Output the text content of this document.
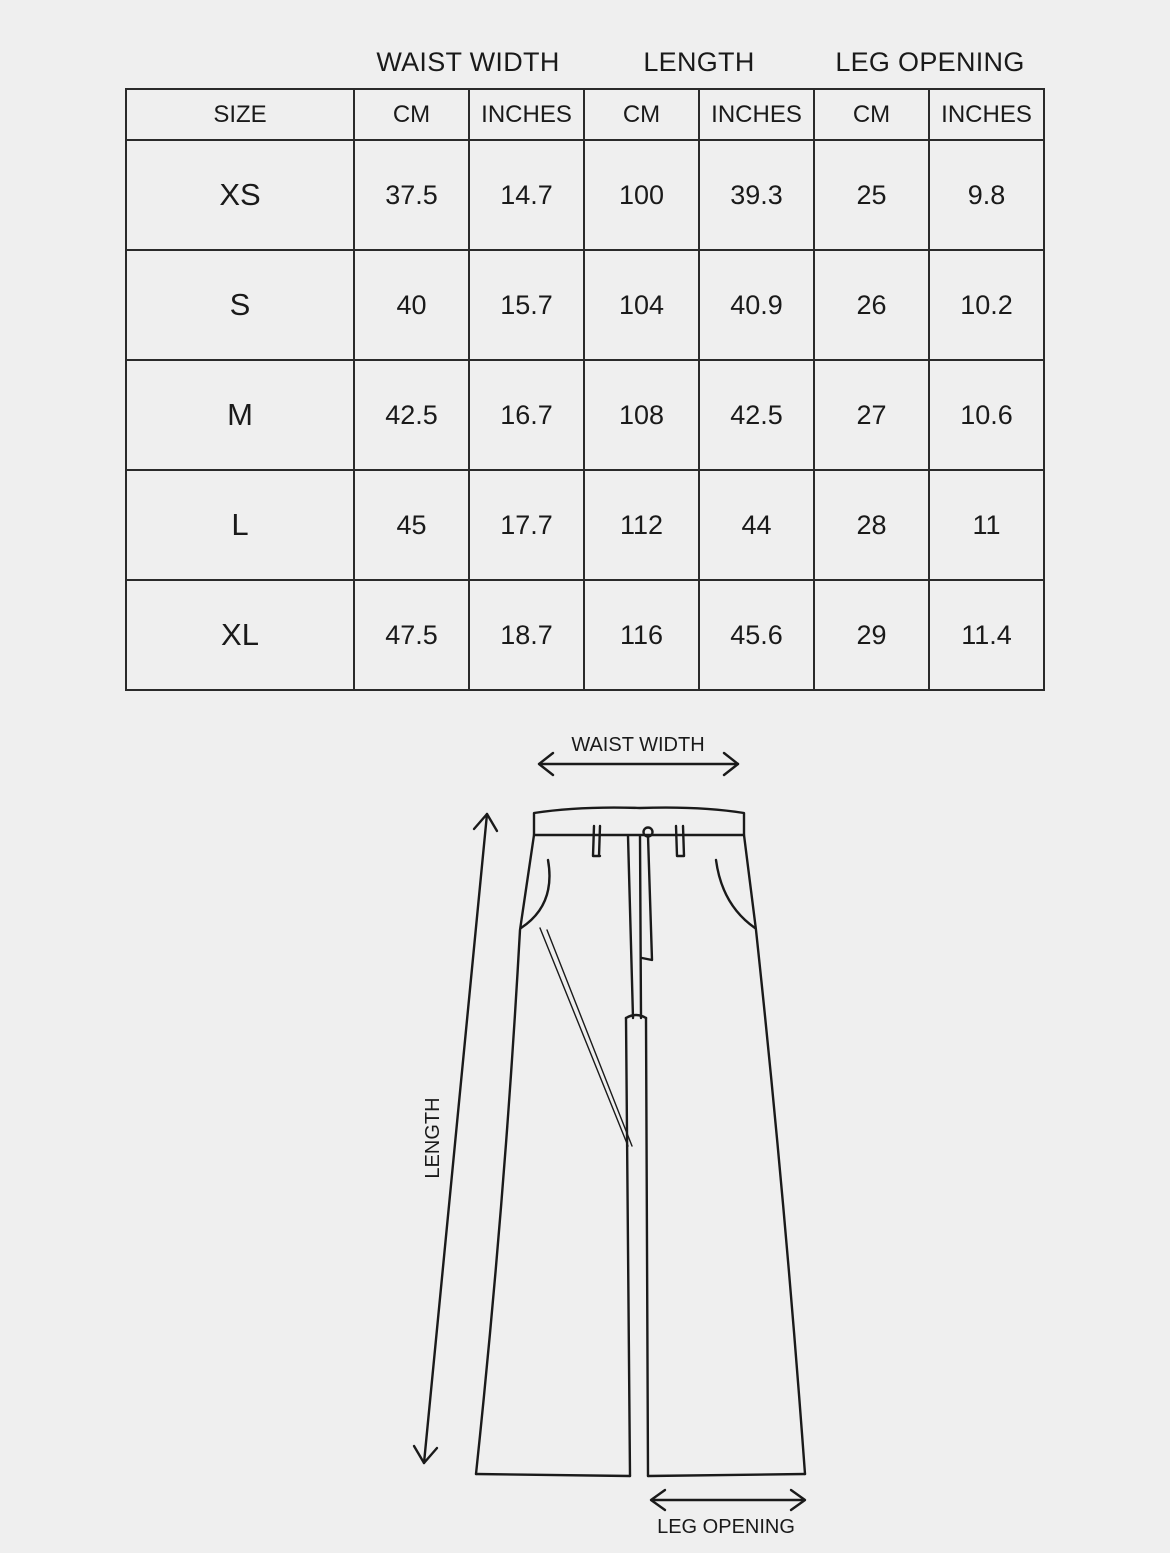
WAIST WIDTH	LENGTH	LEG OPENING
SIZE	CM	INCHES	CM	INCHES	CM	INCHES
XS	37.5	14.7	100	39.3	25	9.8
S	40	15.7	104	40.9	26	10.2
M	42.5	16.7	108	42.5	27	10.6
L	45	17.7	112	44	28	11
XL	47.5	18.7	116	45.6	29	11.4
WAIST WIDTH
LENGTH
LEG OPENING
